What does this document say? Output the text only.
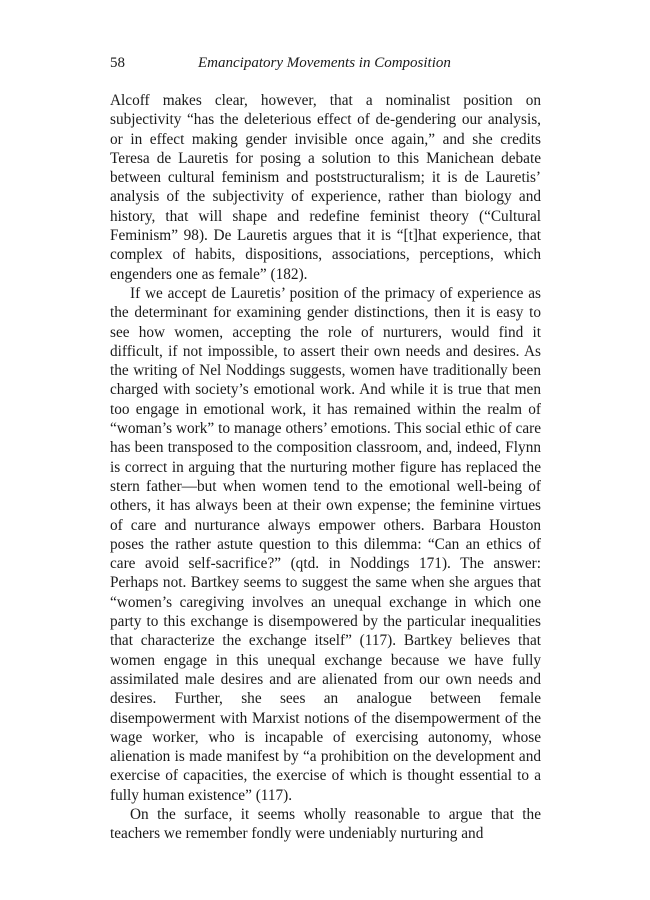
58	Emancipatory Movements in Composition

Alcoff makes clear, however, that a nominalist position on subjectivity “has the deleterious effect of de-gendering our analysis, or in effect making gender invisible once again,” and she credits Teresa de Lauretis for posing a solution to this Manichean debate between cultural feminism and poststructuralism; it is de Lauretis’ analysis of the subjectivity of experience, rather than biology and history, that will shape and redefine feminist theory (“Cultural Feminism” 98). De Lauretis argues that it is “[t]hat experience, that complex of habits, dispositions, associations, perceptions, which engenders one as female” (182).

If we accept de Lauretis’ position of the primacy of experience as the determinant for examining gender distinctions, then it is easy to see how women, accepting the role of nurturers, would find it difficult, if not impossible, to assert their own needs and desires. As the writing of Nel Noddings suggests, women have traditionally been charged with society’s emotional work. And while it is true that men too engage in emotional work, it has remained within the realm of “woman’s work” to manage others’ emotions. This social ethic of care has been transposed to the composition classroom, and, indeed, Flynn is correct in arguing that the nurturing mother figure has replaced the stern father—but when women tend to the emotional well-being of others, it has always been at their own expense; the feminine virtues of care and nurturance always empower others. Barbara Houston poses the rather astute question to this dilemma: “Can an ethics of care avoid self-sacrifice?” (qtd. in Noddings 171). The answer: Perhaps not. Bartkey seems to suggest the same when she argues that “women’s caregiving involves an unequal exchange in which one party to this exchange is disempowered by the particular inequalities that characterize the exchange itself” (117). Bartkey believes that women engage in this unequal exchange because we have fully assimilated male desires and are alienated from our own needs and desires. Further, she sees an analogue between female disempowerment with Marxist notions of the disempowerment of the wage worker, who is incapable of exercising autonomy, whose alienation is made manifest by “a prohibition on the development and exercise of capacities, the exercise of which is thought essential to a fully human existence” (117).

On the surface, it seems wholly reasonable to argue that the teachers we remember fondly were undeniably nurturing and
